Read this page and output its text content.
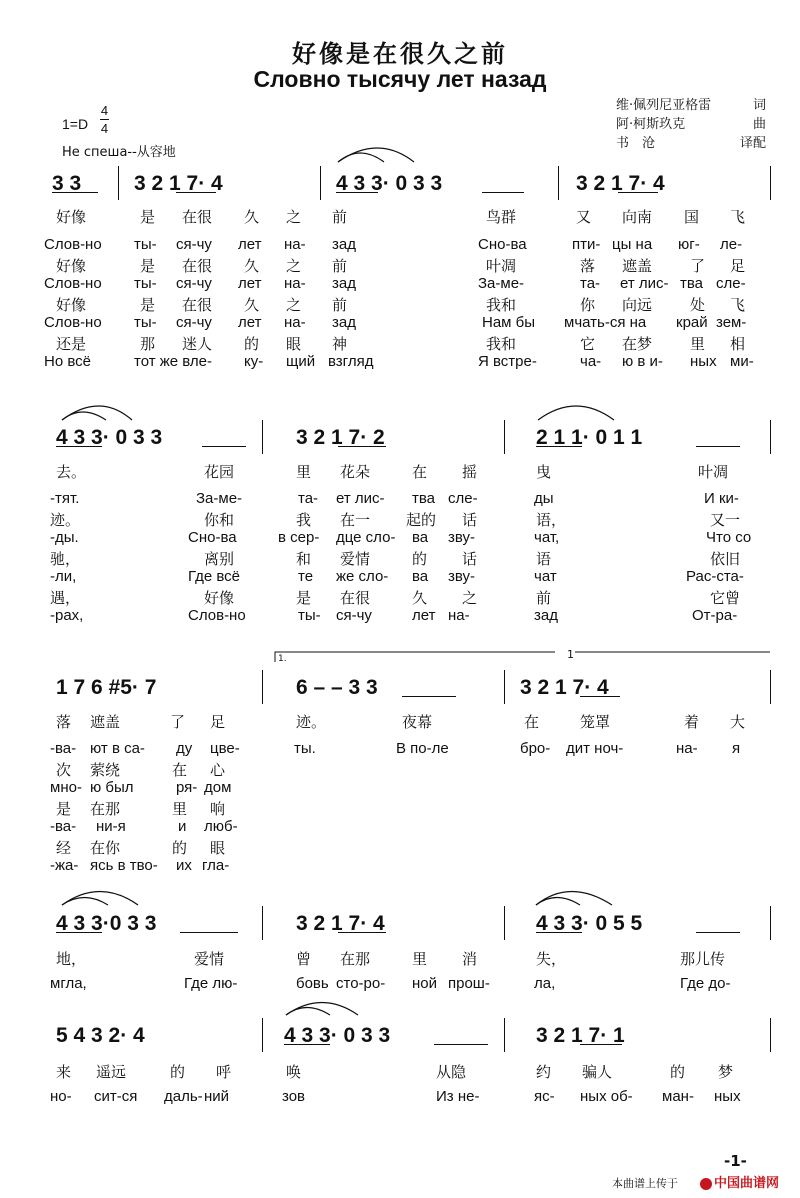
好像是在很久之前
Словно тысячу лет назад
维·佩列尼亚格雷	词
阿·柯斯玖克	曲
书　沧	译配
1=D
4
4
Не спеша--从容地
3 3	3 2 1 7· 4	4 3 3· 0 3 3	3 2 1 7· 4
好像	是 在很 久 之 前	鸟群	又 向南 国 飞
Слов-но ты- ся-чу лет на- зад	Сно-ва	пти- цы на юг- ле-
好像	是 在很 久 之 前	叶凋	落 遮盖	了 足
Слов-но ты- ся-чу лет на- зад	За-ме-	та- ет лис- тва сле-
好像	是 在很 久 之 前	我和	你 向远	处 飞
Слов-но ты- ся-чу лет на- зад	Нам бы мчать-ся на край зем-
还是	那 迷人 的 眼 神	我和	它 在梦	里 相
Но всё	тот же вле- ку- щий взгляд	Я встре-	ча- ю в и- ных ми-
4 3 3· 0 3 3	3 2 1 7· 2	2 1 1· 0 1 1
去。	花园	里 花朵	在 摇	曳	叶凋
-тят.	За-ме-	та- ет лис- тва сле-	ды	И ки-
迹。	你和	我 在一 起的 话	语，	又一
-ды.	Сно-ва	в сер- дце сло- ва зву-	чат,	Что со
驰，	离别	和 爱情	的 话	语	依旧
-ли,	Где всё	те же сло- ва зву-	чат	Рас-ста-
遇，	好像	是 在很	久 之	前	它曾
-рах,	Слов-но	ты- ся-чу	лет на-	зад	От-ра-
1.	1
1 7 6 #5· 7	6 – – 3 3	3 2 1 7· 4
落 遮盖	了 足	迹。	夜幕	在	笼罩	着 大
-ва- ют в са- ду цве-	ты.	В по-ле	бро- дит ноч-	на- я
次 萦绕	在 心
мно- ю был	ря- дом
是 在那	里 响
-ва- ни-я	и люб-
经 在你	的 眼
-жа- ясь в тво- их гла-
4 3 3·0 3 3	3 2 1 7· 4	4 3 3· 0 5 5
地，	爱情	曾 在那	里 消	失，	那儿传
мгла,	Где лю-	бовь сто-ро- ной прош-	ла,	Где до-
5 4 3 2· 4	4 3 3· 0 3 3	3 2 1 7· 1
来 遥远	的 呼	唤	从隐	约 骗人	的 梦
но- сит-ся даль- ний	зов	Из не-	яс- ных об- ман- ных
-1-
本曲谱上传于	中国曲谱网
